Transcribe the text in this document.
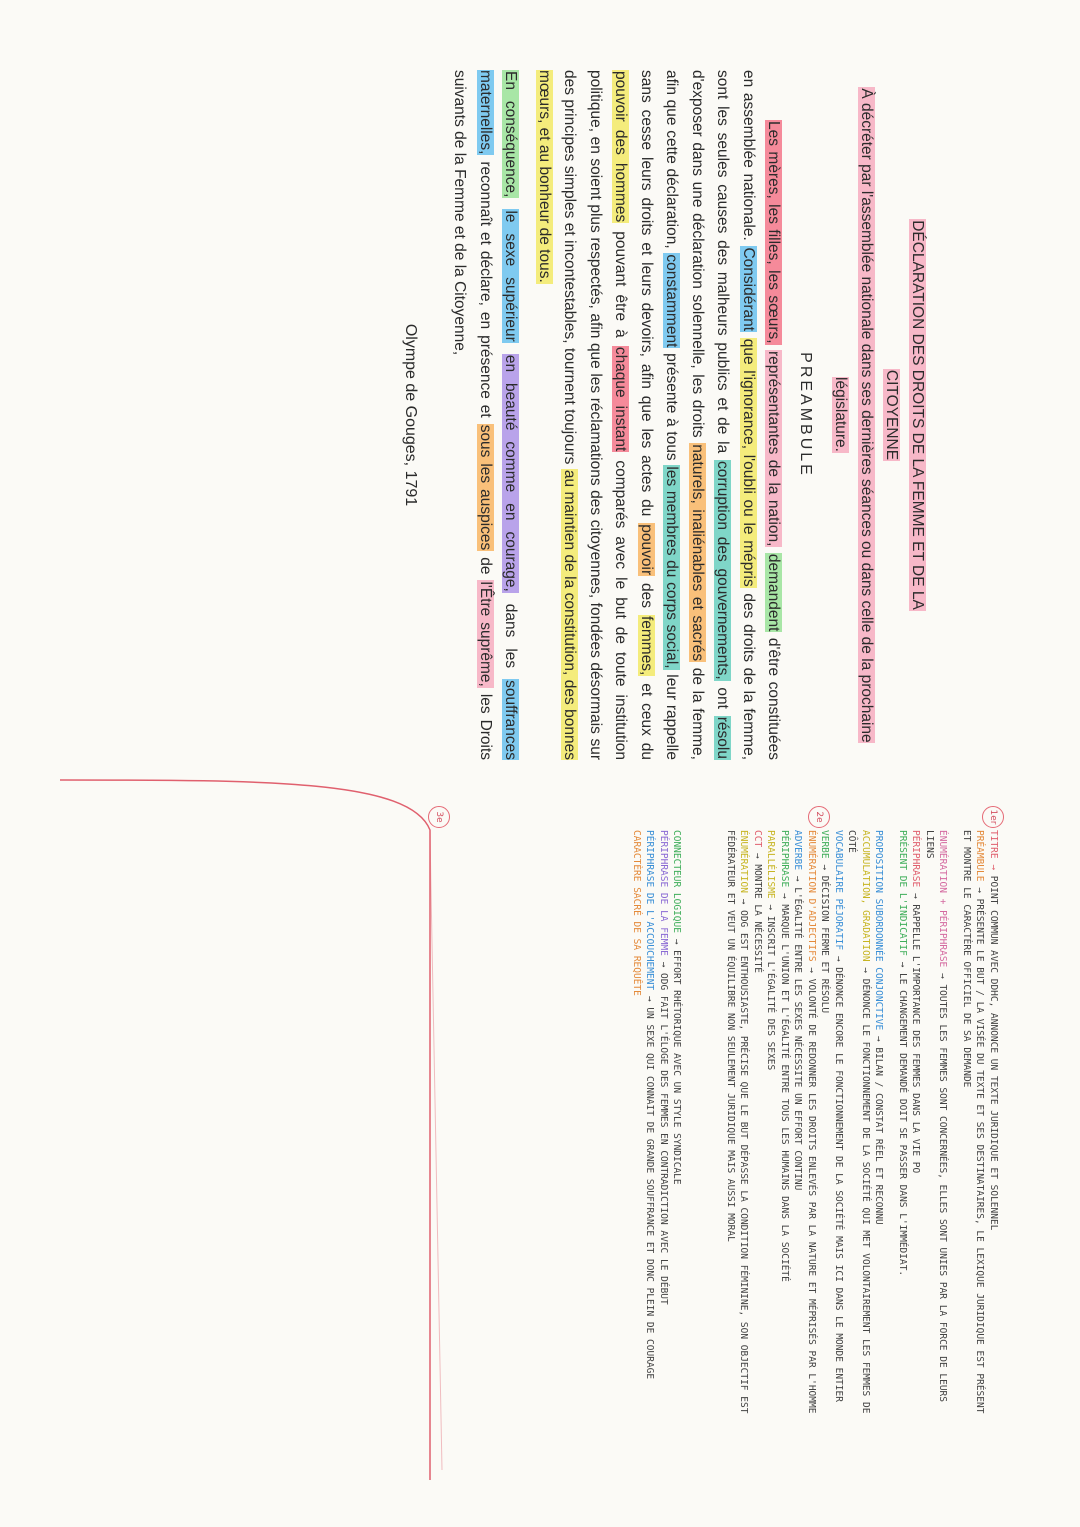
DÉCLARATION DES DROITS DE LA FEMME ET DE LA
CITOYENNE

À décréter par l'assemblée nationale dans ses dernières séances ou dans celle de la prochaine législature.

PREAMBULE

Les mères, les filles, les sœurs, représentantes de la nation, demandent d'être constituées en assemblée nationale. Considérant que l'ignorance, l'oubli ou le mépris des droits de la femme, sont les seules causes des malheurs publics et de la corruption des gouvernements, ont résolu d'exposer dans une déclaration solennelle, les droits naturels, inaliénables et sacrés de la femme, afin que cette déclaration, constamment présente à tous les membres du corps social, leur rappelle sans cesse leurs droits et leurs devoirs, afin que les actes du pouvoir des femmes, et ceux du pouvoir des hommes pouvant être à chaque instant comparés avec le but de toute institution politique, en soient plus respectés, afin que les réclamations des citoyennes, fondées désormais sur des principes simples et incontestables, tournent toujours au maintien de la constitution, des bonnes mœurs, et au bonheur de tous.

En conséquence, le sexe supérieur en beauté comme en courage, dans les souffrances maternelles, reconnaît et déclare, en présence et sous les auspices de l'Être suprême, les Droits suivants de la Femme et de la Citoyenne,

Olympe de Gouges, 1791

1er
2e
3e

TITRE → POINT COMMUN AVEC DDHC, ANNONCE UN TEXTE JURIDIQUE ET SOLENNEL
PRÉAMBULE → PRÉSENTE LE BUT / LA VISÉE DU TEXTE ET SES DESTINATAIRES, LE LEXIQUE JURIDIQUE EST PRÉSENT ET MONTRE LE CARACTÈRE OFFICIEL DE SA DEMANDE

ÉNUMÉRATION + PÉRIPHRASE → TOUTES LES FEMMES SONT CONCERNÉES, ELLES SONT UNIES PAR LA FORCE DE LEURS LIENS
PÉRIPHRASE → RAPPELLE L'IMPORTANCE DES FEMMES DANS LA VIE PO
PRÉSENT DE L'INDICATIF → LE CHANGEMENT DEMANDÉ DOIT SE PASSER DANS L'IMMÉDIAT.

PROPOSITION SUBORDONNÉE CONJONCTIVE → BILAN / CONSTAT RÉEL ET RECONNU
ACCUMULATION, GRADATION → DÉNONCE LE FONCTIONNEMENT DE LA SOCIÉTÉ QUI MET VOLONTAIREMENT LES FEMMES DE CÔTÉ
VOCABULAIRE PÉJORATIF → DÉNONCE ENCORE LE FONCTIONNEMENT DE LA SOCIÉTÉ MAIS ICI DANS LE MONDE ENTIER
VERBE → DÉCISION FERME ET RÉSOLU
ÉNUMÉRATION D'ADJECTIFS → VOLONTÉ DE REDONNER LES DROITS ENLEVÉS PAR LA NATURE ET MÉPRISÉS PAR L'HOMME
ADVERBE → L'ÉGALITÉ ENTRE LES SEXES NÉCESSITE UN EFFORT CONTINU
PÉRIPHRASE → MARQUE L'UNION ET L'ÉGALITÉ ENTRE TOUS LES HUMAINS DANS LA SOCIÉTÉ
PARALLÉLISME → INSCRIT L'ÉGALITÉ DES SEXES
CCT → MONTRE LA NÉCESSITÉ
ÉNUMÉRATION → ODG EST ENTHOUSIASTE, PRÉCISE QUE LE BUT DÉPASSE LA CONDITION FÉMININE, SON OBJECTIF EST FÉDÉRATEUR ET VEUT UN ÉQUILIBRE NON SEULEMENT JURIDIQUE MAIS AUSSI MORAL

CONNECTEUR LOGIQUE → EFFORT RHÉTORIQUE AVEC UN STYLE SYNDICALE
PÉRIPHRASE DE LA FEMME → ODG FAIT L'ÉLOGE DES FEMMES EN CONTRADICTION AVEC LE DÉBUT
PÉRIPHRASE DE L'ACCOUCHEMENT → UN SEXE QUI CONNAIT DE GRANDE SOUFFRANCE ET DONC PLEIN DE COURAGE
CARACTÈRE SACRÉ DE SA REQUÊTE
